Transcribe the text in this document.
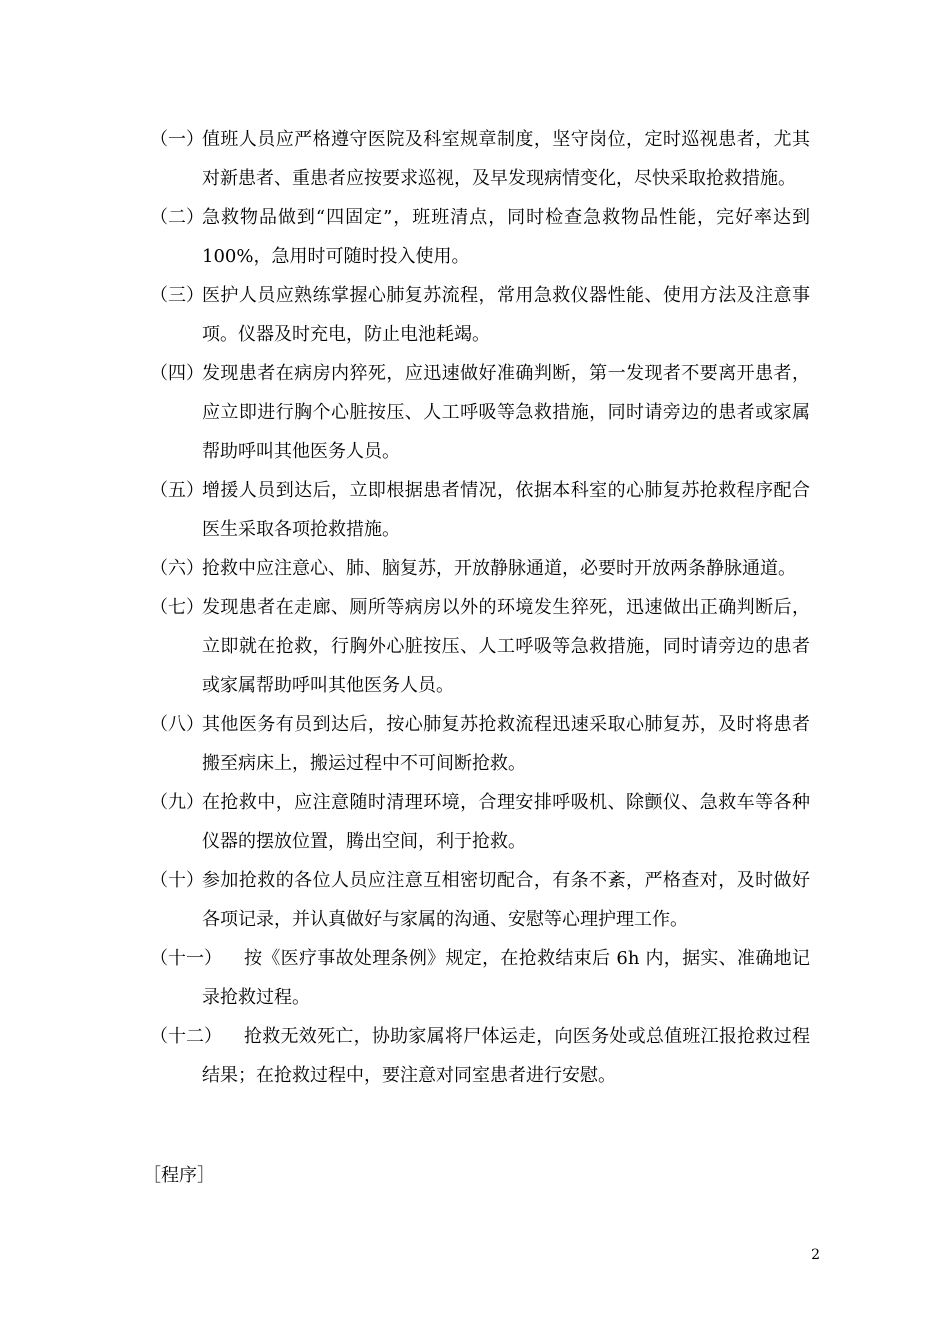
（一）
值班人员应严格遵守医院及科室规章制度，坚守岗位，定时巡视患者，尤其对新患者、重患者应按要求巡视，及早发现病情变化，尽快采取抢救措施。
（二）
急救物品做到“四固定”，班班清点，同时检查急救物品性能，完好率达到 100%，急用时可随时投入使用。
（三）
医护人员应熟练掌握心肺复苏流程，常用急救仪器性能、使用方法及注意事项。仪器及时充电，防止电池耗竭。
（四）
发现患者在病房内猝死，应迅速做好准确判断，第一发现者不要离开患者，应立即进行胸个心脏按压、人工呼吸等急救措施，同时请旁边的患者或家属帮助呼叫其他医务人员。
（五）
增援人员到达后，立即根据患者情况，依据本科室的心肺复苏抢救程序配合医生采取各项抢救措施。
（六）
抢救中应注意心、肺、脑复苏，开放静脉通道，必要时开放两条静脉通道。
（七）
发现患者在走廊、厕所等病房以外的环境发生猝死，迅速做出正确判断后，立即就在抢救，行胸外心脏按压、人工呼吸等急救措施，同时请旁边的患者或家属帮助呼叫其他医务人员。
（八）
其他医务有员到达后，按心肺复苏抢救流程迅速采取心肺复苏，及时将患者搬至病床上，搬运过程中不可间断抢救。
（九）
在抢救中，应注意随时清理环境，合理安排呼吸机、除颤仪、急救车等各种仪器的摆放位置，腾出空间，利于抢救。
（十）
参加抢救的各位人员应注意互相密切配合，有条不紊，严格查对，及时做好各项记录，并认真做好与家属的沟通、安慰等心理护理工作。
（十一）	按《医疗事故处理条例》规定，在抢救结束后 6h 内，据实、准确地记录抢救过程。
（十二）	抢救无效死亡，协助家属将尸体运走，向医务处或总值班江报抢救过程结果；在抢救过程中，要注意对同室患者进行安慰。
［程序］
2
